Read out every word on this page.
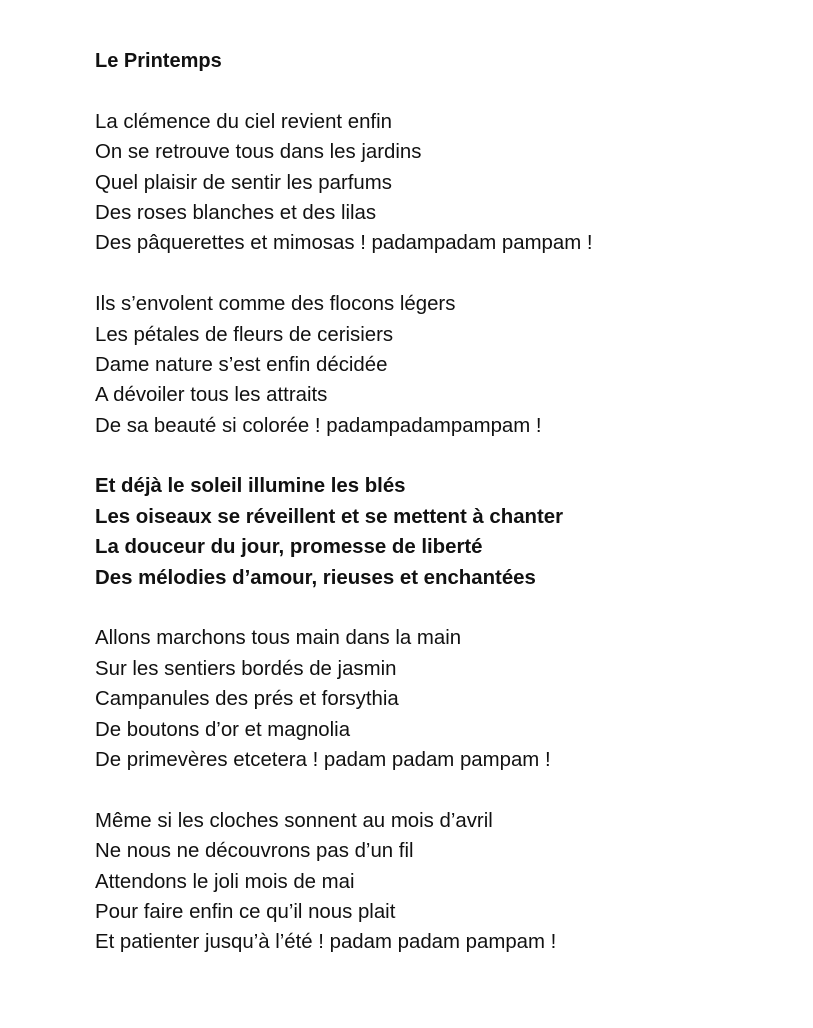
Le Printemps
La clémence du ciel revient enfin
On se retrouve tous dans les jardins
Quel plaisir de sentir les parfums
Des roses blanches et des lilas
Des pâquerettes et mimosas ! padampadam pampam !
Ils s’envolent comme des flocons légers
Les pétales de fleurs de cerisiers
Dame nature s’est enfin décidée
A dévoiler tous les attraits
De sa beauté si colorée ! padampadampampam !
Et déjà le soleil illumine les blés
Les oiseaux se réveillent et se mettent à chanter
La douceur du jour, promesse de liberté
Des mélodies d’amour, rieuses et enchantées
Allons marchons tous main dans la main
Sur les sentiers bordés de jasmin
Campanules des prés et forsythia
De boutons d’or et magnolia
De primevères etcetera ! padam padam pampam !
Même si les cloches sonnent au mois d’avril
Ne nous ne découvrons pas d’un fil
Attendons le joli mois de mai
Pour faire enfin ce qu’il nous plait
Et patienter jusqu’à l’été ! padam padam pampam !
